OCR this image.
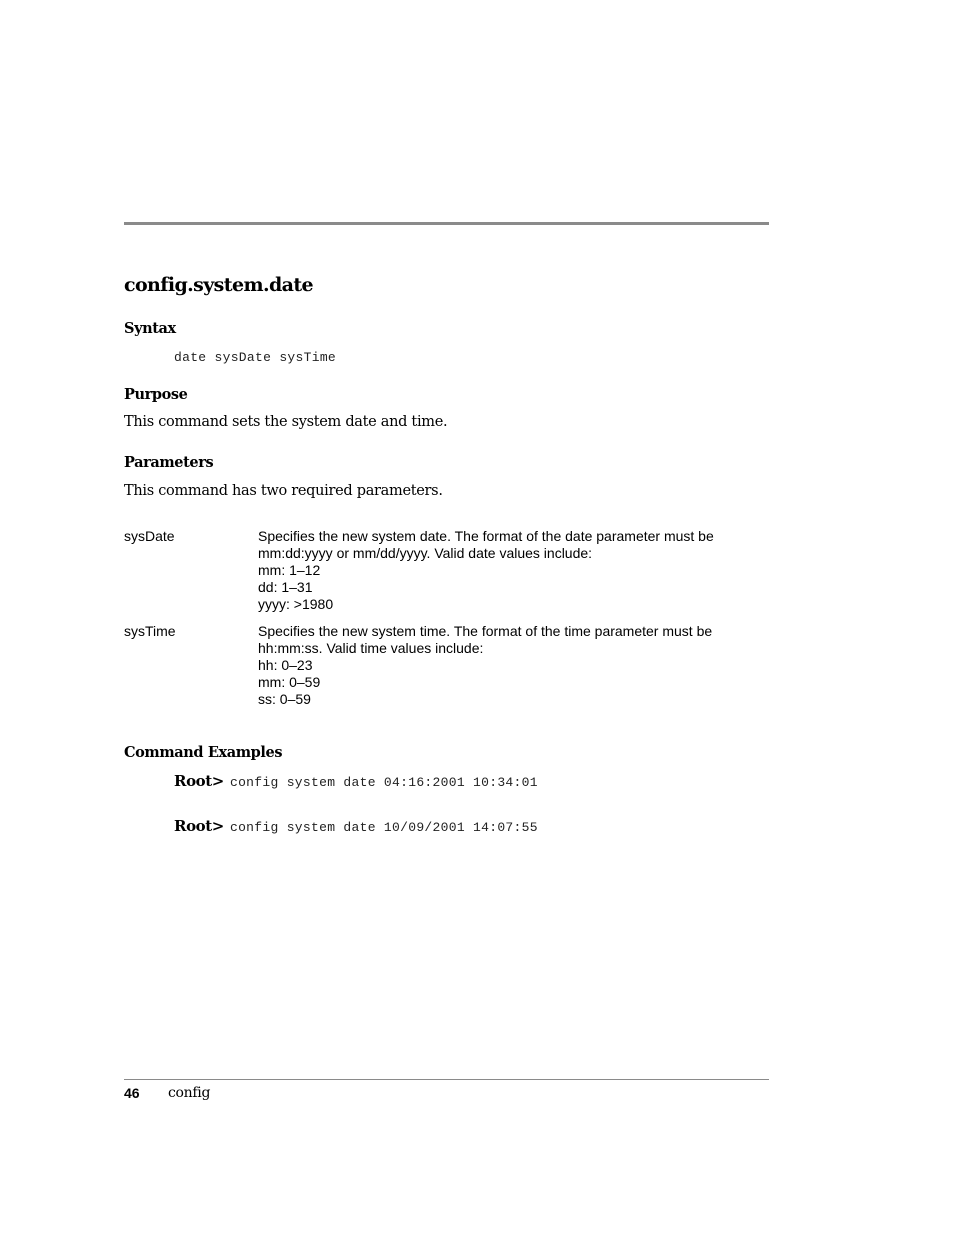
config.system.date
Syntax
date sysDate sysTime
Purpose
This command sets the system date and time.
Parameters
This command has two required parameters.
sysDate	Specifies the new system date. The format of the date parameter must be
mm:dd:yyyy or mm/dd/yyyy. Valid date values include:
mm: 1–12
dd: 1–31
yyyy: >1980
sysTime	Specifies the new system time. The format of the time parameter must be
hh:mm:ss. Valid time values include:
hh: 0–23
mm: 0–59
ss: 0–59
Command Examples
Root> config system date 04:16:2001 10:34:01
Root> config system date 10/09/2001 14:07:55
46 config
